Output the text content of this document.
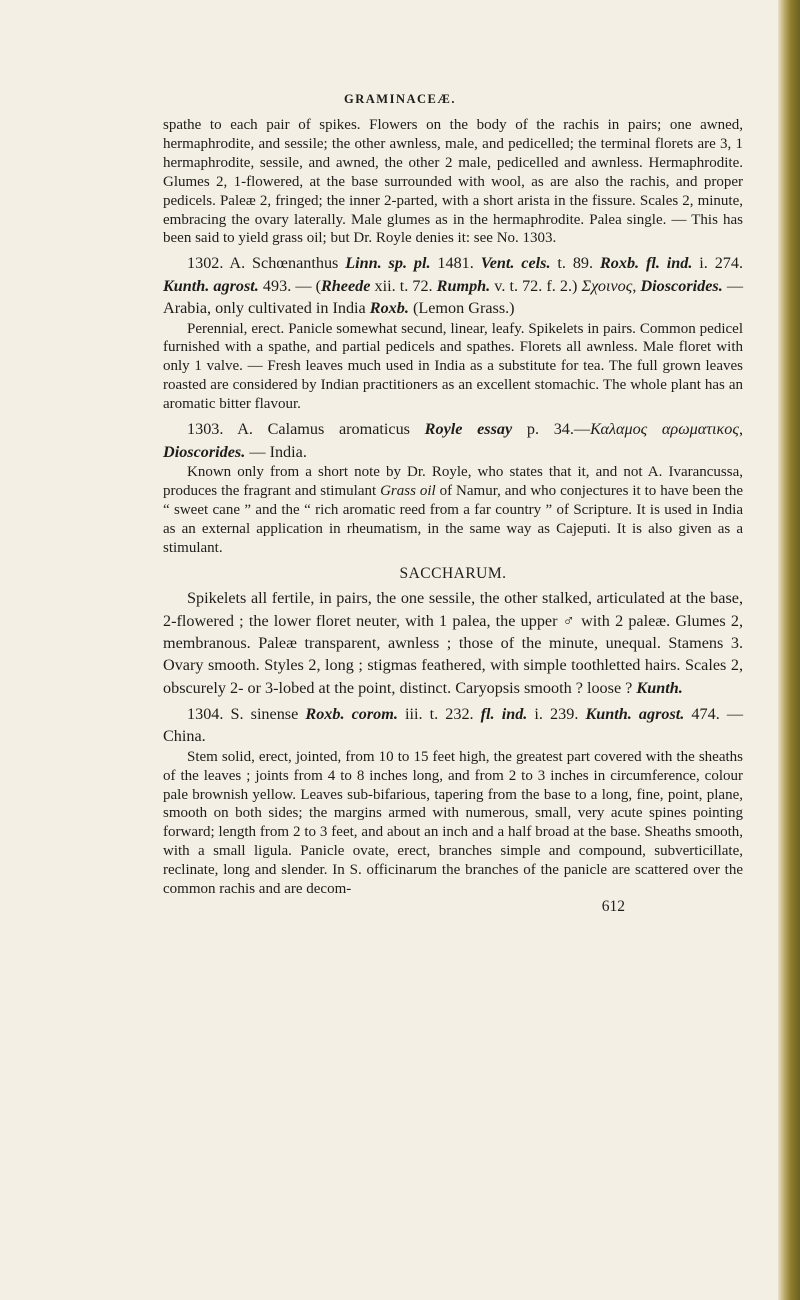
GRAMINACEÆ.

spathe to each pair of spikes. Flowers on the body of the rachis in pairs; one awned, hermaphrodite, and sessile; the other awnless, male, and pedicelled; the terminal florets are 3, 1 hermaphrodite, sessile, and awned, the other 2 male, pedicelled and awnless. Hermaphrodite. Glumes 2, 1-flowered, at the base surrounded with wool, as are also the rachis, and proper pedicels. Paleæ 2, fringed; the inner 2-parted, with a short arista in the fissure. Scales 2, minute, embracing the ovary laterally. Male glumes as in the hermaphrodite. Palea single. — This has been said to yield grass oil; but Dr. Royle denies it: see No. 1303.

1302. A. Schœnanthus Linn. sp. pl. 1481. Vent. cels. t. 89. Roxb. fl. ind. i. 274. Kunth. agrost. 493. — (Rheede xii. t. 72. Rumph. v. t. 72. f. 2.) Σχοινος, Dioscorides. — Arabia, only cultivated in India Roxb. (Lemon Grass.)

Perennial, erect. Panicle somewhat secund, linear, leafy. Spikelets in pairs. Common pedicel furnished with a spathe, and partial pedicels and spathes. Florets all awnless. Male floret with only 1 valve. — Fresh leaves much used in India as a substitute for tea. The full grown leaves roasted are considered by Indian practitioners as an excellent stomachic. The whole plant has an aromatic bitter flavour.

1303. A. Calamus aromaticus Royle essay p. 34.—Καλαμος αρωματικος, Dioscorides. — India.

Known only from a short note by Dr. Royle, who states that it, and not A. Ivarancussa, produces the fragrant and stimulant Grass oil of Namur, and who conjectures it to have been the “ sweet cane ” and the “ rich aromatic reed from a far country ” of Scripture. It is used in India as an external application in rheumatism, in the same way as Cajeputi. It is also given as a stimulant.

SACCHARUM.

Spikelets all fertile, in pairs, the one sessile, the other stalked, articulated at the base, 2-flowered ; the lower floret neuter, with 1 palea, the upper ♂ with 2 paleæ. Glumes 2, membranous. Paleæ transparent, awnless ; those of the minute, unequal. Stamens 3. Ovary smooth. Styles 2, long ; stigmas feathered, with simple toothletted hairs. Scales 2, obscurely 2- or 3-lobed at the point, distinct. Caryopsis smooth ? loose ? Kunth.

1304. S. sinense Roxb. corom. iii. t. 232. fl. ind. i. 239. Kunth. agrost. 474. — China.

Stem solid, erect, jointed, from 10 to 15 feet high, the greatest part covered with the sheaths of the leaves ; joints from 4 to 8 inches long, and from 2 to 3 inches in circumference, colour pale brownish yellow. Leaves sub-bifarious, tapering from the base to a long, fine, point, plane, smooth on both sides; the margins armed with numerous, small, very acute spines pointing forward; length from 2 to 3 feet, and about an inch and a half broad at the base. Sheaths smooth, with a small ligula. Panicle ovate, erect, branches simple and compound, subverticillate, reclinate, long and slender. In S. officinarum the branches of the panicle are scattered over the common rachis and are decom-

612
